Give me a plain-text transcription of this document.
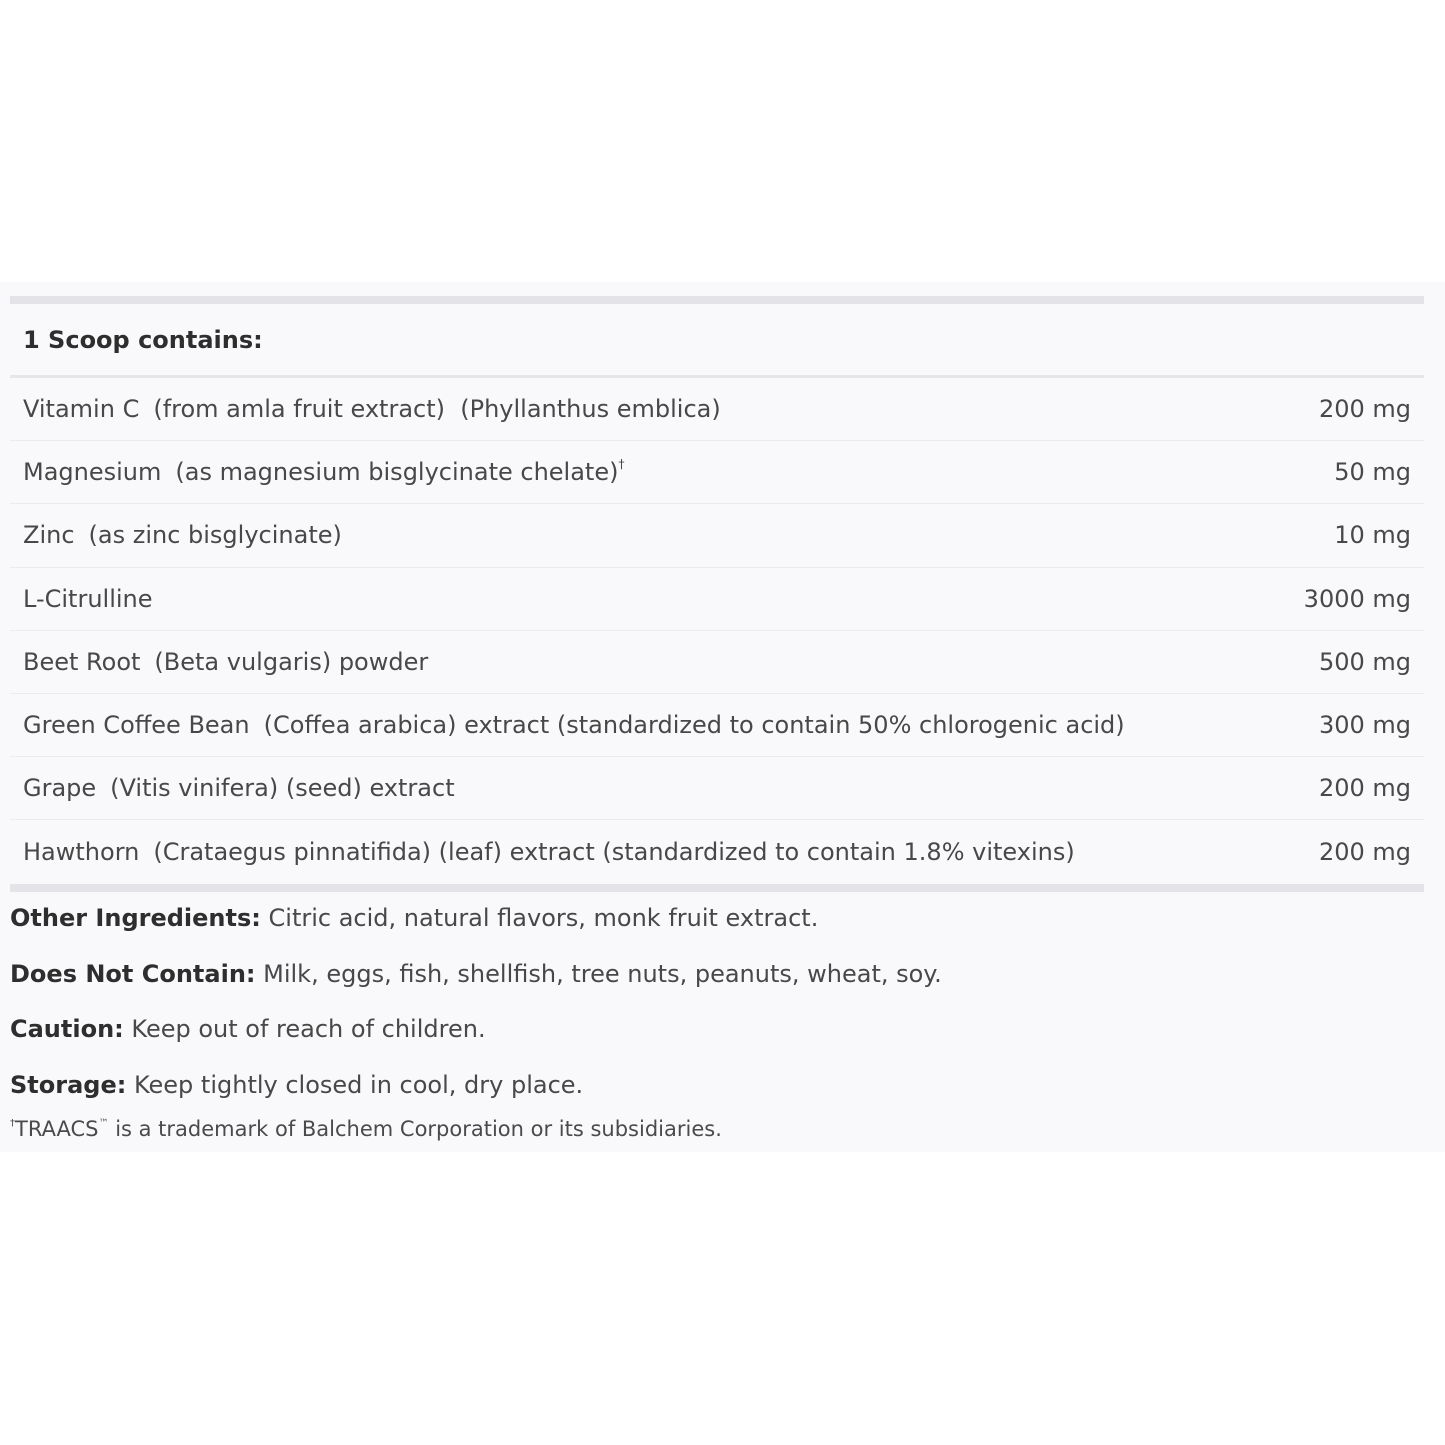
1 Scoop contains:
Vitamin C (from amla fruit extract)  (Phyllanthus emblica)	200 mg
Magnesium (as magnesium bisglycinate chelate)†	50 mg
Zinc (as zinc bisglycinate)	10 mg
L-Citrulline	3000 mg
Beet Root (Beta vulgaris) powder	500 mg
Green Coffee Bean (Coffea arabica) extract (standardized to contain 50% chlorogenic acid)	300 mg
Grape (Vitis vinifera) (seed) extract	200 mg
Hawthorn (Crataegus pinnatifida) (leaf) extract (standardized to contain 1.8% vitexins)	200 mg
Other Ingredients: Citric acid, natural flavors, monk fruit extract.
Does Not Contain: Milk, eggs, fish, shellfish, tree nuts, peanuts, wheat, soy.
Caution: Keep out of reach of children.
Storage: Keep tightly closed in cool, dry place.
†TRAACS™ is a trademark of Balchem Corporation or its subsidiaries.
